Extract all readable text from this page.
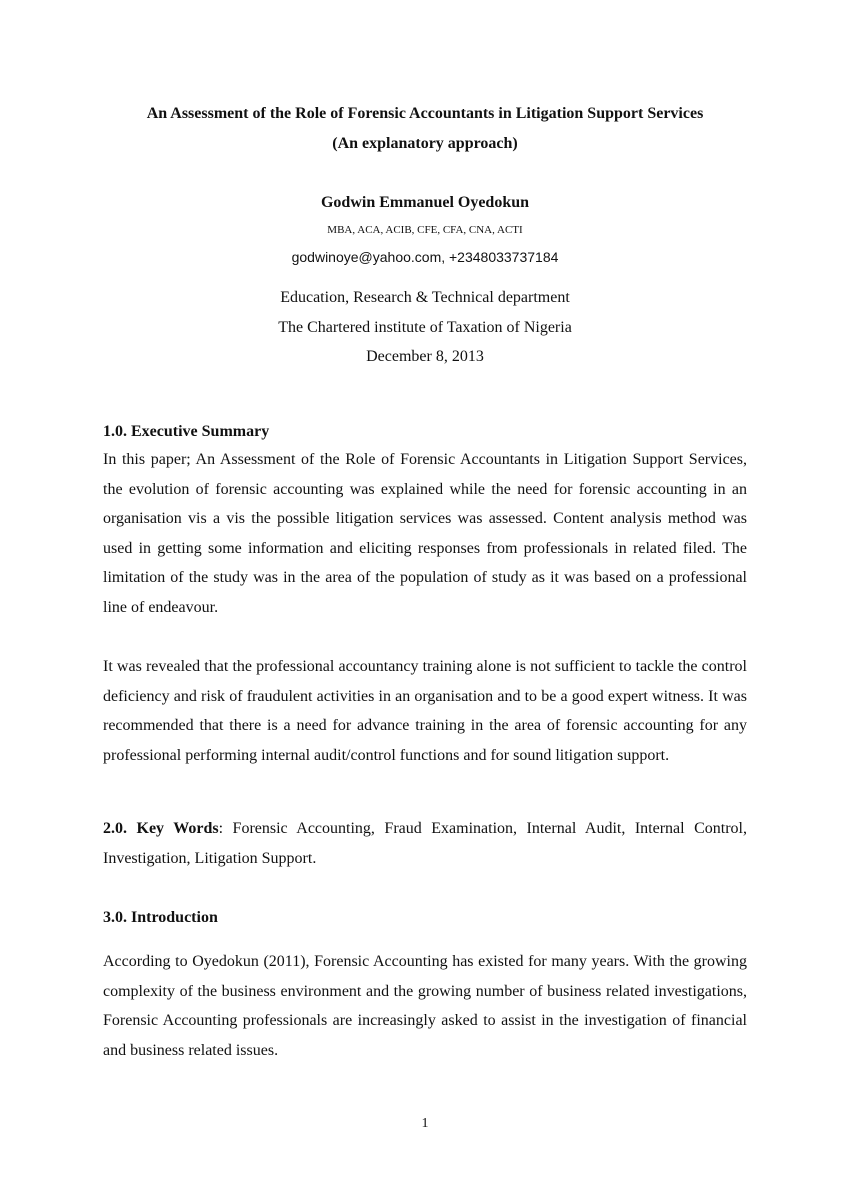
An Assessment of the Role of Forensic Accountants in Litigation Support Services
(An explanatory approach)
Godwin Emmanuel Oyedokun
MBA, ACA, ACIB, CFE, CFA, CNA, ACTI
godwinoye@yahoo.com, +2348033737184
Education, Research & Technical department
The Chartered institute of Taxation of Nigeria
December 8, 2013
1.0. Executive Summary

In this paper; An Assessment of the Role of Forensic Accountants in Litigation Support Services, the evolution of forensic accounting was explained while the need for forensic accounting in an organisation vis a vis the possible litigation services was assessed. Content analysis method was used in getting some information and eliciting responses from professionals in related filed. The limitation of the study was in the area of the population of study as it was based on a professional line of endeavour.

It was revealed that the professional accountancy training alone is not sufficient to tackle the control deficiency and risk of fraudulent activities in an organisation and to be a good expert witness. It was recommended that there is a need for advance training in the area of forensic accounting for any professional performing internal audit/control functions and for sound litigation support.

2.0. Key Words: Forensic Accounting, Fraud Examination, Internal Audit, Internal Control, Investigation, Litigation Support.

3.0. Introduction

According to Oyedokun (2011), Forensic Accounting has existed for many years. With the growing complexity of the business environment and the growing number of business related investigations, Forensic Accounting professionals are increasingly asked to assist in the investigation of financial and business related issues.

1
